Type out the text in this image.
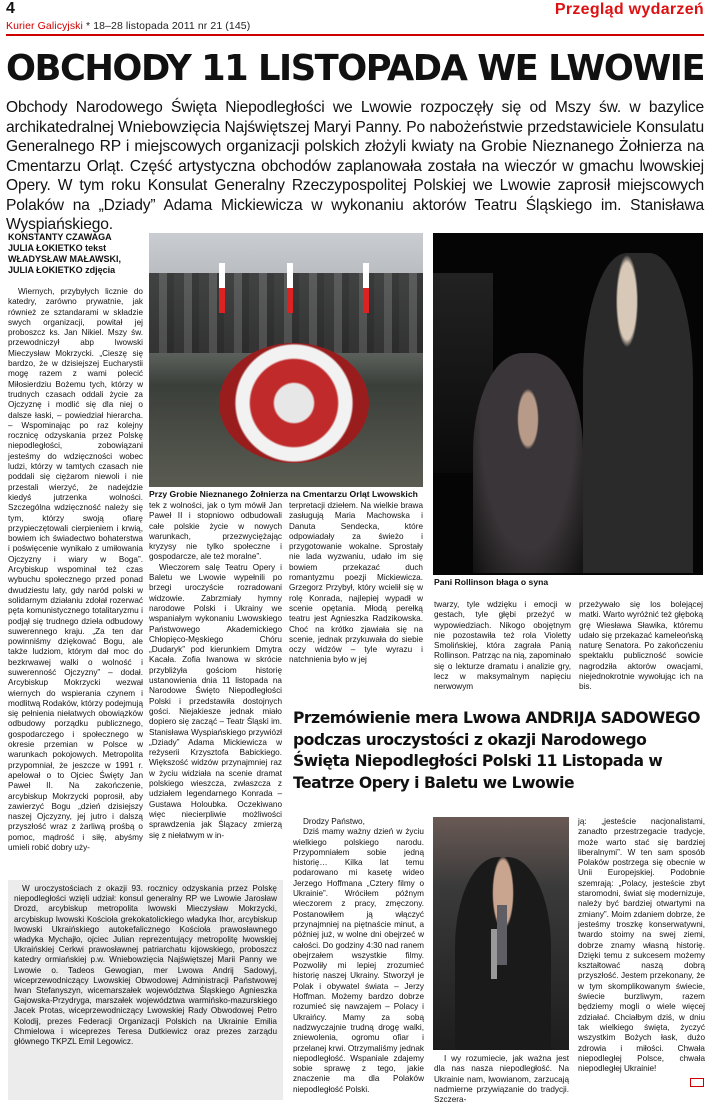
4
Kurier Galicyjski * 18–28 listopada 2011 nr 21 (145)
Przegląd wydarzeń
OBCHODY 11 LISTOPADA WE LWOWIE

Obchody Narodowego Święta Niepodległości we Lwowie rozpoczęły się od Mszy św. w bazylice archikatedralnej Wniebowzięcia Najświętszej Maryi Panny. Po nabożeństwie przedstawiciele Konsulatu Generalnego RP i miejscowych organizacji polskich złożyli kwiaty na Grobie Nieznanego Żołnierza na Cmentarzu Orląt. Część artystyczna obchodów zaplanowała została na wieczór w gmachu lwowskiej Opery. W tym roku Konsulat Generalny Rzeczypospolitej Polskiej we Lwowie zaprosił miejscowych Polaków na „Dziady” Adama Mickiewicza w wykonaniu aktorów Teatru Śląskiego im. Stanisława Wyspiańskiego.

KONSTANTY CZAWAGA
JULIA ŁOKIETKO tekst
WŁADYSŁAW MAŁAWSKI,
JULIA ŁOKIETKO zdjęcia

Wiernych, przybyłych licznie do katedry, zarówno prywatnie, jak również ze sztandarami w składzie swych organizacji, powitał jej proboszcz ks. Jan Nikiel. Mszy św. przewodniczył abp lwowski Mieczysław Mokrzycki. „Cieszę się bardzo, że w dzisiejszej Eucharystii mogę razem z wami polecić Miłosierdziu Bożemu tych, którzy w trudnych czasach oddali życie za Ojczyznę i modlić się dla niej o dalsze łaski, – powiedział hierarcha. – Wspominając po raz kolejny rocznicę odzyskania przez Polskę niepodległości, zobowiązani jesteśmy do wdzięczności wobec ludzi, którzy w tamtych czasach nie poddali się ciężarom niewoli i nie przestali wierzyć, że nadejdzie kiedyś jutrzenka wolności. Szczególna wdzięczność należy się tym, którzy swoją ofiarę przypieczętowali cierpieniem i krwią, bowiem ich świadectwo bohaterstwa i poświęcenie wynikało z umiłowania Ojczyzny i wiary w Boga”. Arcybiskup wspominał też czas wybuchu społecznego przed ponad dwudziestu laty, gdy naród polski w solidarnym działaniu zdołał rozerwać pęta komunistycznego totalitaryzmu i podjął się trudnego dzieła odbudowy suwerennego kraju. „Za ten dar powinniśmy dziękować Bogu, ale także ludziom, którym dał moc do bezkrwawej walki o wolność i suwerenność Ojczyzny” – dodał. Arcybiskup Mokrzycki wezwał wiernych do wspierania czynem i modlitwą Rodaków, którzy podejmują się pełnienia niełatwych obowiązków odbudowy porządku publicznego, gospodarczego i społecznego w okresie przemian w Polsce w warunkach pokojowych. Metropolita przypomniał, że jeszcze w 1991 r. apelował o to Ojciec Święty Jan Paweł II. Na zakończenie, arcybiskup Mokrzycki poprosił, aby zawierzyć Bogu „dzień dzisiejszy naszej Ojczyzny, jej jutro i dalszą przyszłość wraz z żarliwą prośbą o pomoc, mądrość i siłę, abyśmy umieli robić dobry uży-

tek z wolności, jak o tym mówił Jan Paweł II i stopniowo odbudowali całe polskie życie w nowych warunkach, przezwyciężając kryzysy nie tylko społeczne i gospodarcze, ale też moralne”.

Wieczorem salę Teatru Opery i Baletu we Lwowie wypełnili po brzegi uroczyście rozradowani widzowie. Zabrzmiały hymny narodowe Polski i Ukrainy we wspaniałym wykonaniu Lwowskiego Państwowego Akademickiego Chłopięco-Męskiego Chóru „Dudaryk” pod kierunkiem Dmytra Kacała. Zofia Iwanowa w skrócie przybliżyła gościom historię ustanowienia dnia 11 listopada na Narodowe Święto Niepodległości Polski i przedstawiła dostojnych gości. Niejakiesze jednak miało dopiero się zacząć – Teatr Śląski im. Stanisława Wyspiańskiego przywiózł „Dziady” Adama Mickiewicza w reżyserii Krzysztofa Babickiego. Większość widzów przynajmniej raz w życiu widziała na scenie dramat polskiego wieszcza, zwłaszcza z udziałem legendarnego Konrada – Gustawa Holoubka. Oczekiwano więc niecierpliwie możliwości sprawdzenia jak Ślązacy zmierzą się z niełatwym w in-

terpretacji dziełem. Na wielkie brawa zasługują Maria Machowska i Danuta Sendecka, które odpowiadały za świeżo i przygotowanie wokalne. Sprostały nie lada wyzwaniu, udało im się bowiem przekazać duch romantyzmu poezji Mickiewicza. Grzegorz Przybył, który wcielił się w rolę Konrada, najlepiej wypadł w scenie opętania. Młodą perełką teatru jest Agnieszka Radzikowska. Choć na krótko zjawiała się na scenie, jednak przykuwała do siebie oczy widzów – tyle wyrazu i natchnienia było w jej

twarzy, tyle wdzięku i emocji w gestach, tyle głębi przeżyć w wypowiedziach. Nikogo obojętnym nie pozostawiła też rola Violetty Smolińskiej, która zagrała Panią Rollinson. Patrząc na nią, zapominało się o lekturze dramatu i analizie gry, lecz w maksymalnym napięciu nerwowym

przeżywało się los bolejącej matki. Warto wyróżnić też głęboką grę Wiesława Sławika, któremu udało się przekazać kameleońską naturę Senatora. Po zakończeniu spektaklu publiczność sowicie nagrodziła aktorów owacjami, niejednokrotnie wywołując ich na bis.

Przy Grobie Nieznanego Żołnierza na Cmentarzu Orląt Lwowskich

Pani Rollinson błaga o syna

Przemówienie mera Lwowa ANDRIJA SADOWEGO podczas uroczystości z okazji Narodowego Święta Niepodległości Polski 11 Listopada w Teatrze Opery i Baletu we Lwowie

Drodzy Państwo,

Dziś mamy ważny dzień w życiu wielkiego polskiego narodu. Przypomniałem sobie jedną historię… Kilka lat temu podarowano mi kasetę wideo Jerzego Hoffmana „Cztery filmy o Ukrainie”. Wróciłem późnym wieczorem z pracy, zmęczony. Postanowiłem ją włączyć przynajmniej na piętnaście minut, a później już, w wolne dni obejrzeć w całości. Do godziny 4:30 nad ranem obejrzałem wszystkie filmy. Pozwoliły mi lepiej zrozumieć historię naszej Ukrainy. Stworzył je Polak i obywatel świata – Jerzy Hoffman. Możemy bardzo dobrze rozumieć się nawzajem – Polacy i Ukraińcy. Mamy za sobą nadzwyczajnie trudną drogę walki, zniewolenia, ogromu ofiar i przelanej krwi. Otrzymaliśmy jednak niepodległość. Wspaniale zdajemy sobie sprawę z tego, jakie znaczenie ma dla Polaków niepodległość Polski.

I wy rozumiecie, jak ważna jest dla nas nasza niepodległość. Na Ukrainie nam, lwowianom, zarzucają nadmierne przywiązanie do tradycji. Szczera-

ją: „jesteście nacjonalistami, zanadto przestrzegacie tradycje, może warto stać się bardziej liberalnymi”. W ten sam sposób Polaków postrzega się obecnie w Unii Europejskiej. Podobnie szemrają: „Polacy, jesteście zbyt staromodni, świat się modernizuje, należy być bardziej otwartymi na zmiany”. Moim zdaniem dobrze, że jesteśmy troszkę konserwatywni, twardo stoimy na swej ziemi, dobrze znamy własną historię. Dzięki temu z sukcesem możemy kształtować naszą dobrą przyszłość. Jestem przekonany, że w tym skomplikowanym świecie, świecie burzliwym, razem będziemy mogli o wiele więcej zdziałać. Chciałbym dziś, w dniu tak wielkiego święta, życzyć wszystkim Bożych łask, dużo zdrowia i miłości. Chwała niepodległej Polsce, chwała niepodległej Ukrainie!

W uroczystościach z okazji 93. rocznicy odzyskania przez Polskę niepodległości wzięli udział: konsul generalny RP we Lwowie Jarosław Drozd, arcybiskup metropolita lwowski Mieczysław Mokrzycki, arcybiskup lwowski Kościoła grekokatolickiego władyka Ihor, arcybiskup lwowski Ukraińskiego autokefalicznego Kościoła prawosławnego władyka Mychajło, ojciec Julian reprezentujący metropolitę lwowskiej Ukraińskiej Cerkwi prawosławnej patriarchatu kijowskiego, proboszcz katedry ormiańskiej p.w. Wniebowzięcia Najświętszej Marii Panny we Lwowie o. Tadeos Gewogian, mer Lwowa Andrij Sadowyj, wiceprzewodniczący Lwowskiej Obwodowej Administracji Państwowej Iwan Stefanyszyn, wicemarszałek województwa Śląskiego Agnieszka Gajowska-Przydryga, marszałek województwa warmińsko-mazurskiego Jacek Protas, wiceprzewodniczący Lwowskiej Rady Obwodowej Petro Kolodij, prezes Federacji Organizacji Polskich na Ukrainie Emilia Chmielowa i wiceprezes Teresa Dutkiewicz oraz prezes zarządu głównego TKPZL Emil Legowicz.
